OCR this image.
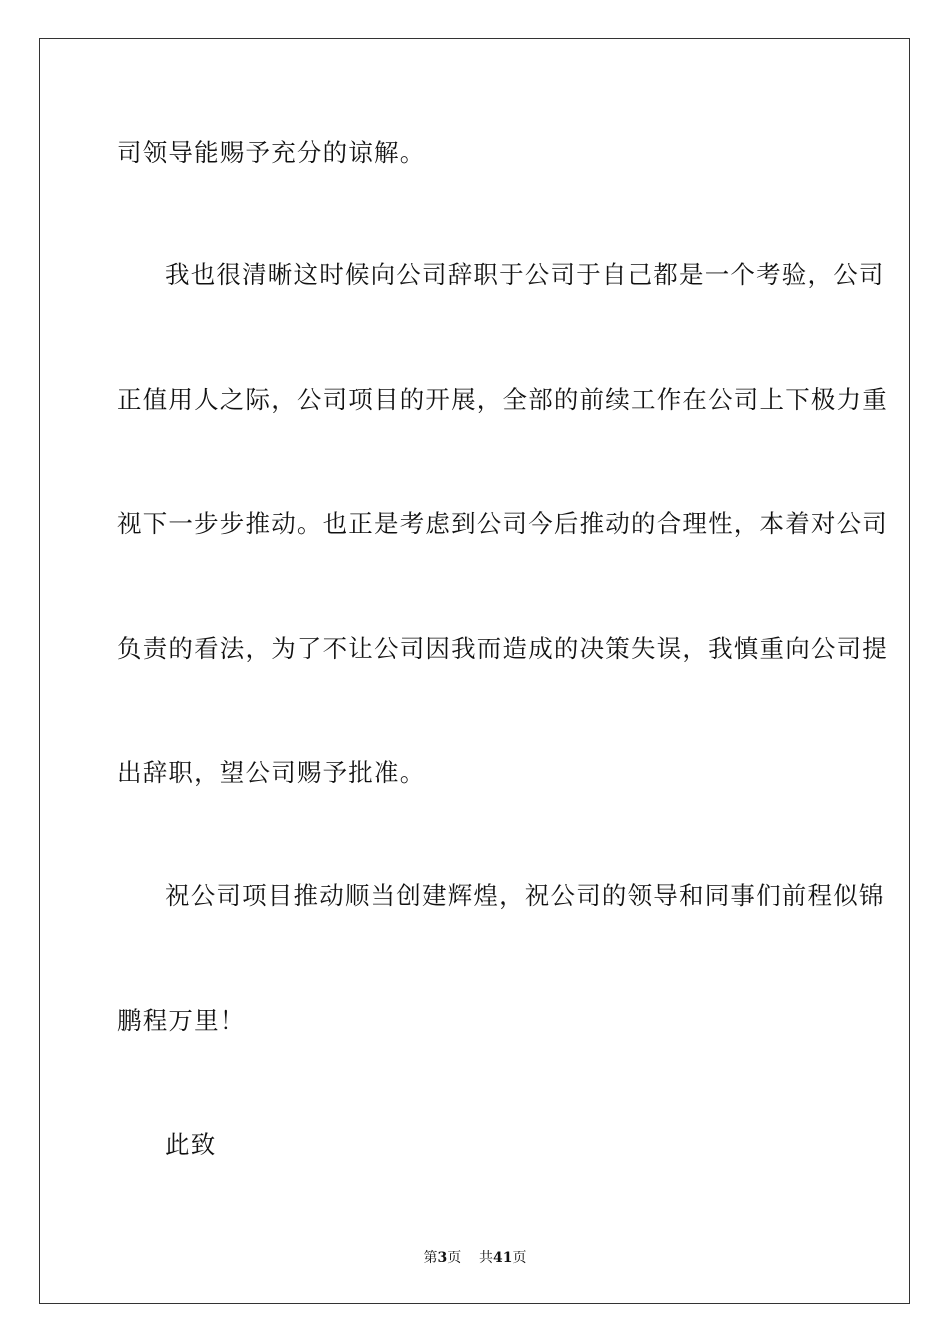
司领导能赐予充分的谅解。
我也很清晰这时候向公司辞职于公司于自己都是一个考验，公司
正值用人之际，公司项目的开展，全部的前续工作在公司上下极力重
视下一步步推动。也正是考虑到公司今后推动的合理性，本着对公司
负责的看法，为了不让公司因我而造成的决策失误，我慎重向公司提
出辞职，望公司赐予批准。
祝公司项目推动顺当创建辉煌，祝公司的领导和同事们前程似锦
鹏程万里！
此致
第3页 共41页
